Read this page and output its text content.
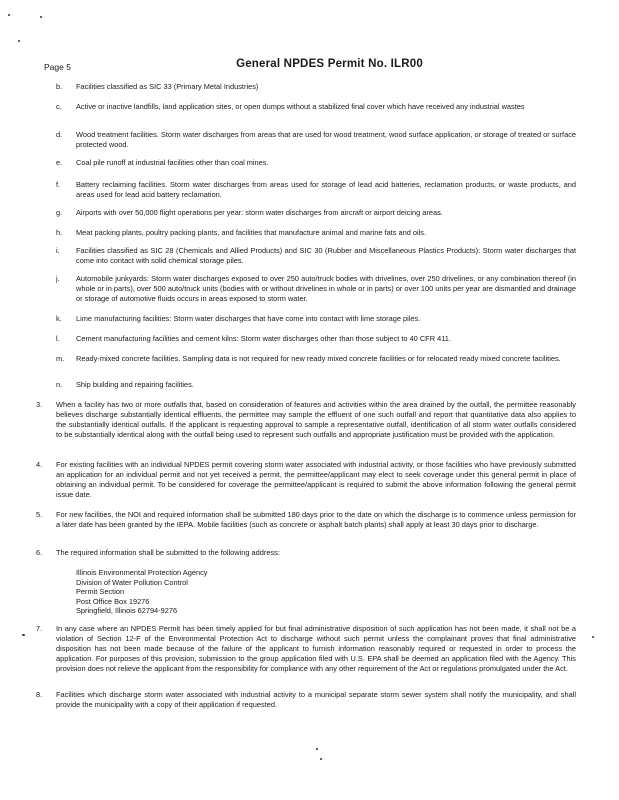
Page 5	General NPDES Permit No. ILR00
b. Facilities classified as SIC 33 (Primary Metal Industries)
c. Active or inactive landfills, land application sites, or open dumps without a stabilized final cover which have received any industrial wastes
d. Wood treatment facilities. Storm water discharges from areas that are used for wood treatment, wood surface application, or storage of treated or surface protected wood.
e. Coal pile runoff at industrial facilities other than coal mines.
f. Battery reclaiming facilities. Storm water discharges from areas used for storage of lead acid batteries, reclamation products, or waste products, and areas used for lead acid battery reclamation.
g. Airports with over 50,000 flight operations per year: storm water discharges from aircraft or airport deicing areas.
h. Meat packing plants, poultry packing plants, and facilities that manufacture animal and marine fats and oils.
i. Facilities classified as SIC 28 (Chemicals and Allied Products) and SIC 30 (Rubber and Miscellaneous Plastics Products): Storm water discharges that come into contact with solid chemical storage piles.
j. Automobile junkyards: Storm water discharges exposed to over 250 auto/truck bodies with drivelines, over 250 drivelines, or any combination thereof (in whole or in parts), over 500 auto/truck units (bodies with or without drivelines in whole or in parts) or over 100 units per year are dismantled and drainage or storage of automotive fluids occurs in areas exposed to storm water.
k. Lime manufacturing facilities: Storm water discharges that have come into contact with lime storage piles.
l. Cement manufacturing facilities and cement kilns: Storm water discharges other than those subject to 40 CFR 411.
m. Ready-mixed concrete facilities. Sampling data is not required for new ready mixed concrete facilities or for relocated ready mixed concrete facilities.
n. Ship building and repairing facilities.
3. When a facility has two or more outfalls that, based on consideration of features and activities within the area drained by the outfall, the permittee reasonably believes discharge substantially identical effluents, the permittee may sample the effluent of one such outfall and report that quantitative data also applies to the substantially identical outfalls. If the applicant is requesting approval to sample a representative outfall, identification of all storm water outfalls considered to be substantially identical along with the outfall being used to represent such outfalls and appropriate justification must be provided with the application.
4. For existing facilities with an individual NPDES permit covering storm water associated with industrial activity, or those facilities who have previously submitted an application for an individual permit and not yet received a permit, the permittee/applicant may elect to seek coverage under this general permit in place of obtaining an individual permit. To be considered for coverage the permittee/applicant is required to submit the above information following the general permit issue date.
5. For new facilities, the NOI and required information shall be submitted 180 days prior to the date on which the discharge is to commence unless permission for a later date has been granted by the IEPA. Mobile facilities (such as concrete or asphalt batch plants) shall apply at least 30 days prior to discharge.
6. The required information shall be submitted to the following address:
Illinois Environmental Protection Agency
Division of Water Pollution Control
Permit Section
Post Office Box 19276
Springfield, Illinois 62794-9276
7. In any case where an NPDES Permit has been timely applied for but final administrative disposition of such application has not been made, it shall not be a violation of Section 12-F of the Environmental Protection Act to discharge without such permit unless the complainant proves that final administrative disposition has not been made because of the failure of the applicant to furnish information reasonably required or requested in order to process the application. For purposes of this provision, submission to the group application filed with U.S. EPA shall be deemed an application filed with the Agency. This provision does not relieve the applicant from the responsibility for compliance with any other requirement of the Act or regulations promulgated under the Act.
8. Facilities which discharge storm water associated with industrial activity to a municipal separate storm sewer system shall notify the municipality, and shall provide the municipality with a copy of their application if requested.
